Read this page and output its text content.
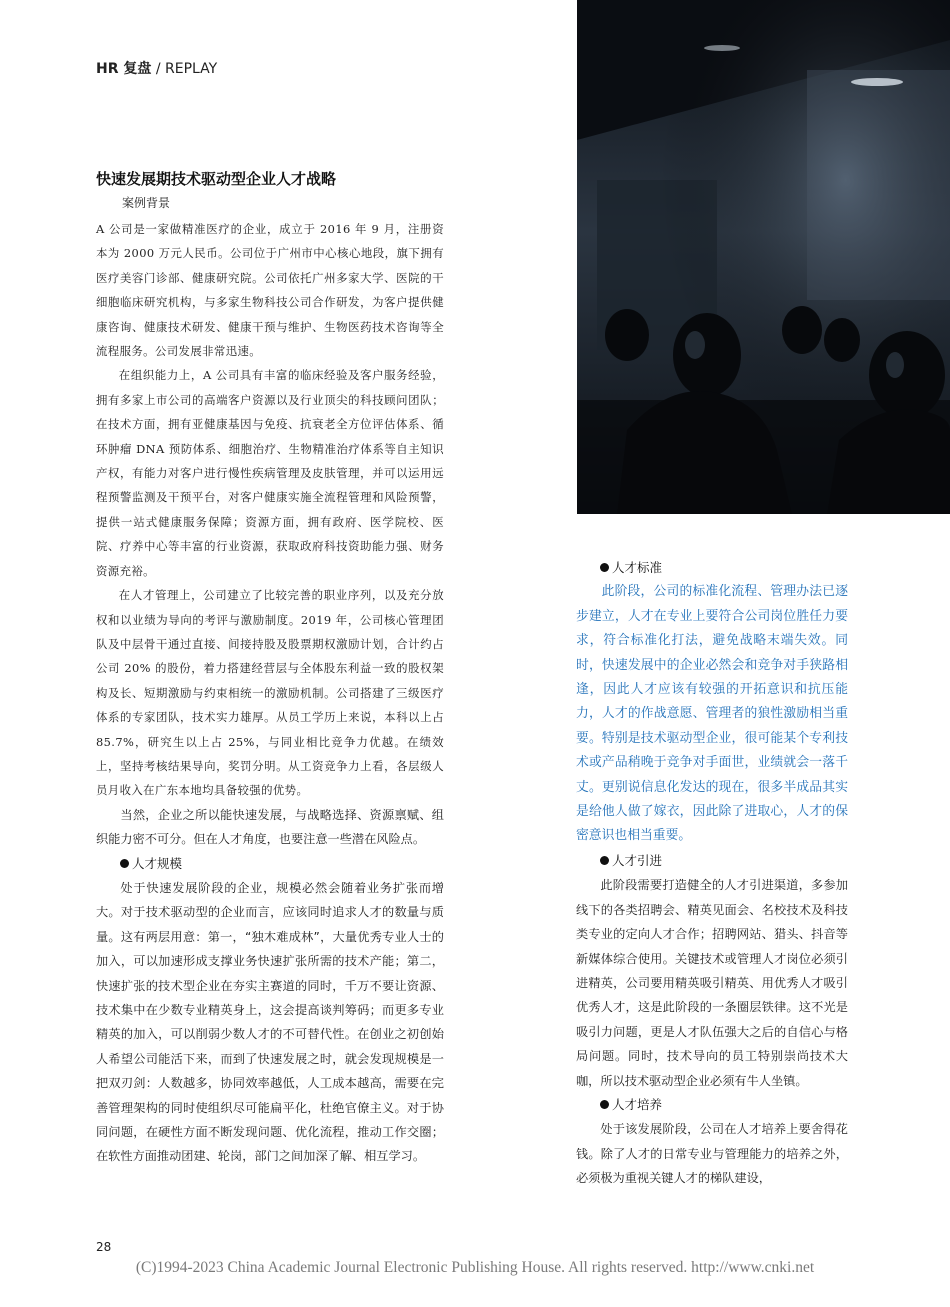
HR 复盘 / REPLAY
快速发展期技术驱动型企业人才战略
案例背景

A 公司是一家做精准医疗的企业，成立于 2016 年 9 月，注册资本为 2000 万元人民币。公司位于广州市中心核心地段，旗下拥有医疗美容门诊部、健康研究院。公司依托广州多家大学、医院的干细胞临床研究机构，与多家生物科技公司合作研发，为客户提供健康咨询、健康技术研发、健康干预与维护、生物医药技术咨询等全流程服务。公司发展非常迅速。

在组织能力上，A 公司具有丰富的临床经验及客户服务经验，拥有多家上市公司的高端客户资源以及行业顶尖的科技顾问团队；在技术方面，拥有亚健康基因与免疫、抗衰老全方位评估体系、循环肿瘤 DNA 预防体系、细胞治疗、生物精准治疗体系等自主知识产权，有能力对客户进行慢性疾病管理及皮肤管理，并可以运用远程预警监测及干预平台，对客户健康实施全流程管理和风险预警，提供一站式健康服务保障；资源方面，拥有政府、医学院校、医院、疗养中心等丰富的行业资源，获取政府科技资助能力强、财务资源充裕。

在人才管理上，公司建立了比较完善的职业序列，以及充分放权和以业绩为导向的考评与激励制度。2019 年，公司核心管理团队及中层骨干通过直接、间接持股及股票期权激励计划，合计约占公司 20% 的股份，着力搭建经营层与全体股东利益一致的股权架构及长、短期激励与约束相统一的激励机制。公司搭建了三级医疗体系的专家团队，技术实力雄厚。从员工学历上来说，本科以上占 85.7%，研究生以上占 25%，与同业相比竞争力优越。在绩效上，坚持考核结果导向，奖罚分明。从工资竞争力上看，各层级人员月收入在广东本地均具备较强的优势。

当然，企业之所以能快速发展，与战略选择、资源禀赋、组织能力密不可分。但在人才角度，也要注意一些潜在风险点。

人才规模

处于快速发展阶段的企业，规模必然会随着业务扩张而增大。对于技术驱动型的企业而言，应该同时追求人才的数量与质量。这有两层用意：第一，“独木难成林”，大量优秀专业人士的加入，可以加速形成支撑业务快速扩张所需的技术产能；第二，快速扩张的技术型企业在夯实主赛道的同时，千万不要让资源、技术集中在少数专业精英身上，这会提高谈判筹码；而更多专业精英的加入，可以削弱少数人才的不可替代性。在创业之初创始人希望公司能活下来，而到了快速发展之时，就会发现规模是一把双刃剑：人数越多，协同效率越低，人工成本越高，需要在完善管理架构的同时使组织尽可能扁平化，杜绝官僚主义。对于协同问题，在硬性方面不断发现问题、优化流程，推动工作交圈；在软性方面推动团建、轮岗，部门之间加深了解、相互学习。

人才标准

此阶段，公司的标准化流程、管理办法已逐步建立，人才在专业上要符合公司岗位胜任力要求，符合标准化打法，避免战略末端失效。同时，快速发展中的企业必然会和竞争对手狭路相逢，因此人才应该有较强的开拓意识和抗压能力，人才的作战意愿、管理者的狼性激励相当重要。特别是技术驱动型企业，很可能某个专利技术或产品稍晚于竞争对手面世，业绩就会一落千丈。更别说信息化发达的现在，很多半成品其实是给他人做了嫁衣，因此除了进取心，人才的保密意识也相当重要。

人才引进

此阶段需要打造健全的人才引进渠道，多参加线下的各类招聘会、精英见面会、名校技术及科技类专业的定向人才合作；招聘网站、猎头、抖音等新媒体综合使用。关键技术或管理人才岗位必须引进精英，公司要用精英吸引精英、用优秀人才吸引优秀人才，这是此阶段的一条圈层铁律。这不光是吸引力问题，更是人才队伍强大之后的自信心与格局问题。同时，技术导向的员工特别崇尚技术大咖，所以技术驱动型企业必须有牛人坐镇。

人才培养

处于该发展阶段，公司在人才培养上要舍得花钱。除了人才的日常专业与管理能力的培养之外，必须极为重视关键人才的梯队建设，

28
(C)1994-2023 China Academic Journal Electronic Publishing House. All rights reserved. http://www.cnki.net
